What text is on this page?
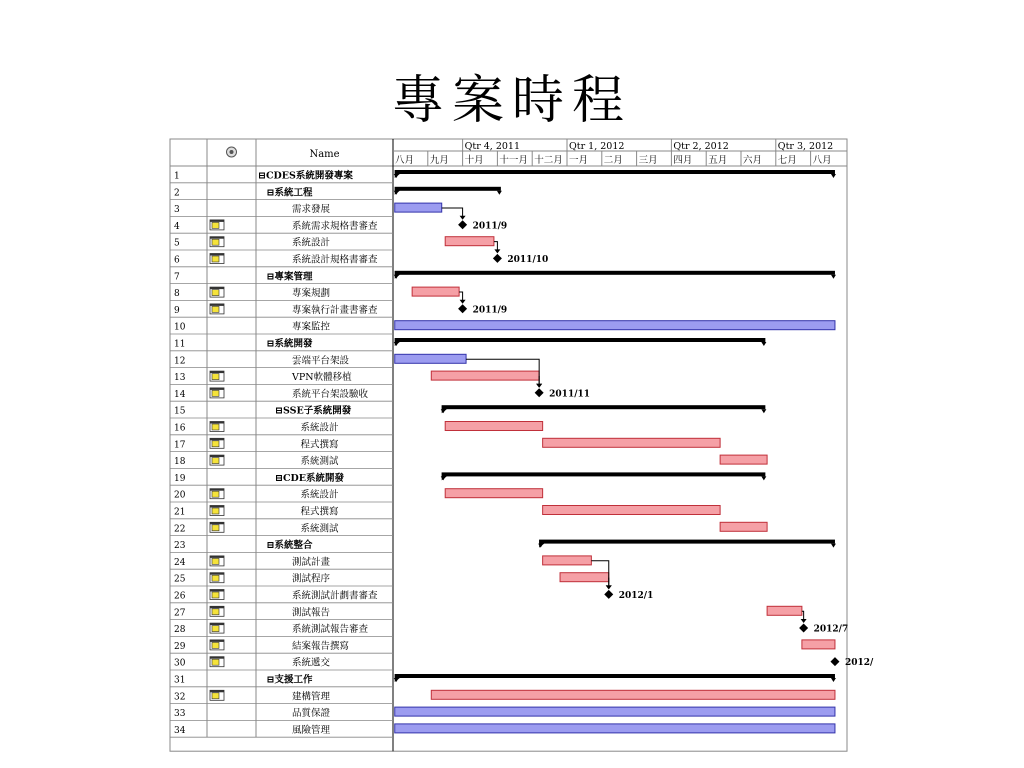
專案時程
Name
Qtr 4, 2011	Qtr 1, 2012	Qtr 2, 2012	Qtr 3, 2012
八月 九月 十月 十一月 十二月 一月 二月 三月 四月 五月 六月 七月 八月
1	⊟CDES系統開發專案
2	⊟系統工程
3	需求發展
4	系統需求規格書審查	2011/9
5	系統設計
6	系統設計規格書審查	2011/10
7	⊟專案管理
8	專案規劃
9	專案執行計畫書審查	2011/9
10	專案監控
11	⊟系統開發
12	雲端平台架設
13	VPN軟體移植
14	系統平台架設驗收	2011/11
15	⊟SSE子系統開發
16	系統設計
17	程式撰寫
18	系統測試
19	⊟CDE系統開發
20	系統設計
21	程式撰寫
22	系統測試
23	⊟系統整合
24	測試計畫
25	測試程序
26	系統測試計劃書審查	2012/1
27	測試報告
28	系統測試報告審查	2012/7
29	結案報告撰寫
30	系統遞交	2012/
31	⊟支援工作
32	建構管理
33	品質保證
34	風險管理
